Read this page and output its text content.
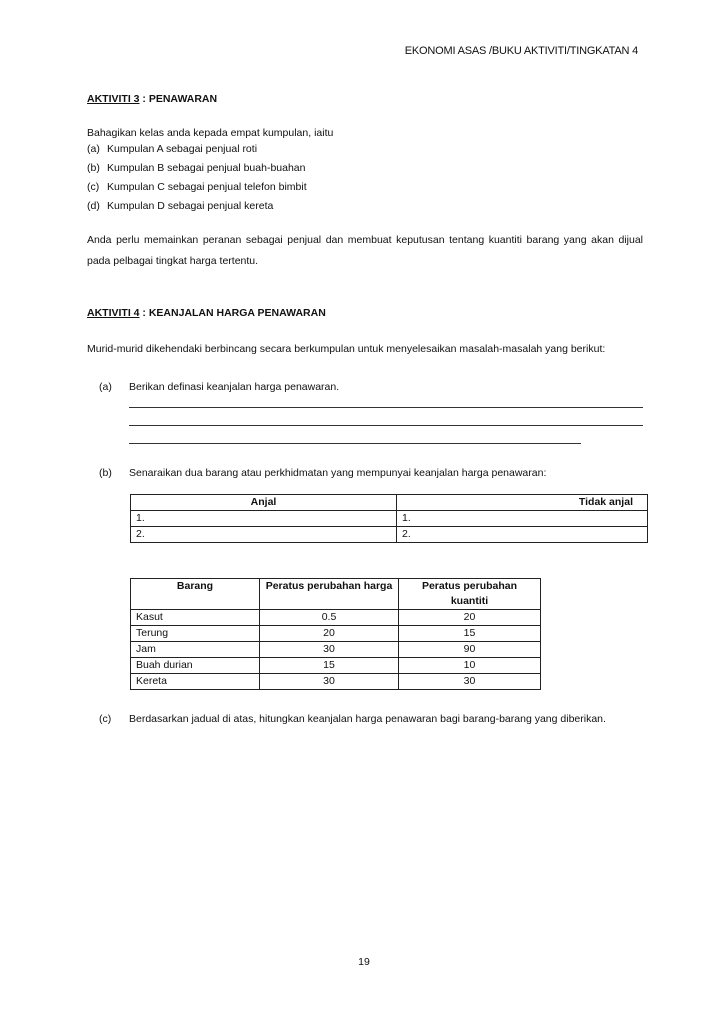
EKONOMI ASAS /BUKU AKTIVITI/TINGKATAN 4

AKTIVITI 3 : PENAWARAN

Bahagikan kelas anda kepada empat kumpulan, iaitu

(a) Kumpulan A sebagai penjual roti
(b) Kumpulan B sebagai penjual buah-buahan
(c) Kumpulan C sebagai penjual telefon bimbit
(d) Kumpulan D sebagai penjual kereta

Anda perlu memainkan peranan sebagai penjual dan membuat keputusan tentang kuantiti barang yang akan dijual pada pelbagai tingkat harga tertentu.

AKTIVITI 4 : KEANJALAN HARGA PENAWARAN

Murid-murid dikehendaki berbincang secara berkumpulan untuk menyelesaikan masalah-masalah yang berikut:

(a)	Berikan definasi keanjalan harga penawaran.
(b)	Senaraikan dua barang atau perkhidmatan yang mempunyai keanjalan harga penawaran:
Anjal	Tidak anjal
1.	1.
2.	2.
Barang	Peratus perubahan harga	Peratus perubahan kuantiti
Kasut	0.5	20
Terung	20	15
Jam	30	90
Buah durian	15	10
Kereta	30	30
(c)	Berdasarkan jadual di atas, hitungkan keanjalan harga penawaran bagi barang-barang yang diberikan.
19
